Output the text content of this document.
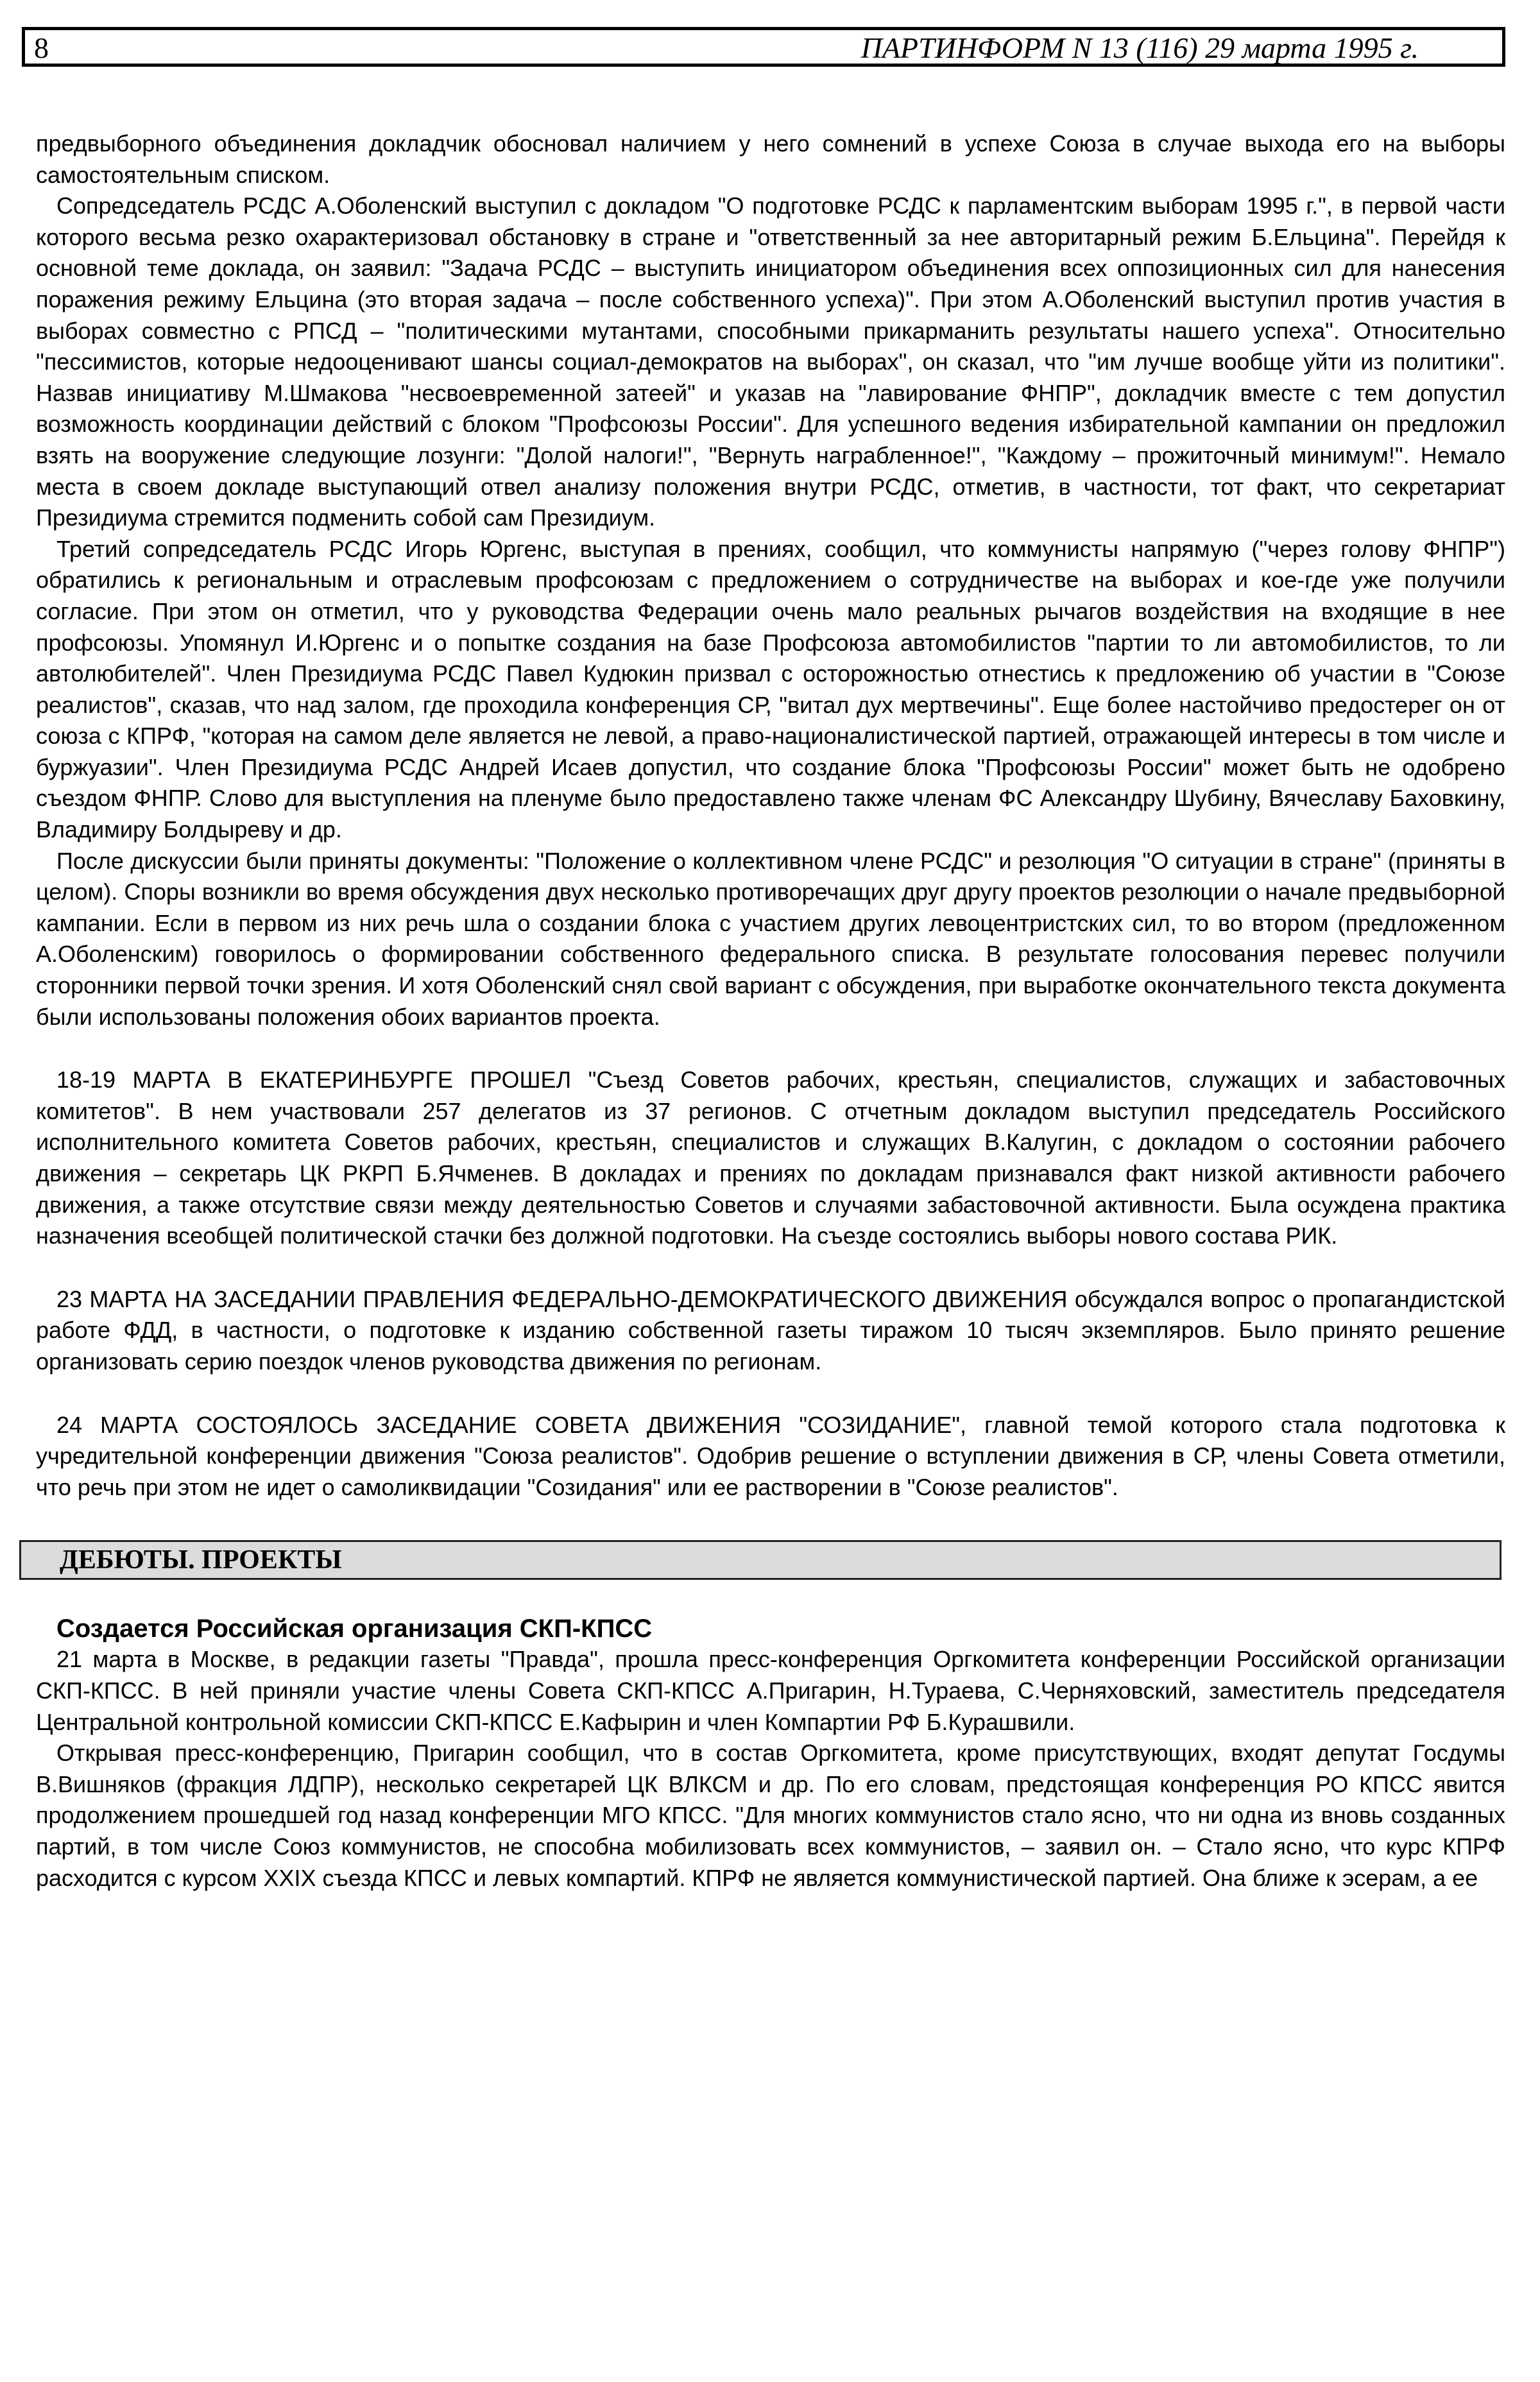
8	ПАРТИНФОРМ N 13 (116) 29 марта 1995 г.

предвыборного объединения докладчик обосновал наличием у него сомнений в успехе Союза в случае выхода его на выборы самостоятельным списком.

Сопредседатель РСДС А.Оболенский выступил с докладом "О подготовке РСДС к парламентским выборам 1995 г.", в первой части которого весьма резко охарактеризовал обстановку в стране и "ответственный за нее авторитарный режим Б.Ельцина". Перейдя к основной теме доклада, он заявил: "Задача РСДС – выступить инициатором объединения всех оппозиционных сил для нанесения поражения режиму Ельцина (это вторая задача – после собственного успеха)". При этом А.Оболенский выступил против участия в выборах совместно с РПСД – "политическими мутантами, способными прикарманить результаты нашего успеха". Относительно "пессимистов, которые недооценивают шансы социал-демократов на выборах", он сказал, что "им лучше вообще уйти из политики". Назвав инициативу М.Шмакова "несвоевременной затеей" и указав на "лавирование ФНПР", докладчик вместе с тем допустил возможность координации действий с блоком "Профсоюзы России". Для успешного ведения избирательной кампании он предложил взять на вооружение следующие лозунги: "Долой налоги!", "Вернуть награбленное!", "Каждому – прожиточный минимум!". Немало места в своем докладе выступающий отвел анализу положения внутри РСДС, отметив, в частности, тот факт, что секретариат Президиума стремится подменить собой сам Президиум.

Третий сопредседатель РСДС Игорь Юргенс, выступая в прениях, сообщил, что коммунисты напрямую ("через голову ФНПР") обратились к региональным и отраслевым профсоюзам с предложением о сотрудничестве на выборах и кое-где уже получили согласие. При этом он отметил, что у руководства Федерации очень мало реальных рычагов воздействия на входящие в нее профсоюзы. Упомянул И.Юргенс и о попытке создания на базе Профсоюза автомобилистов "партии то ли автомобилистов, то ли автолюбителей". Член Президиума РСДС Павел Кудюкин призвал с осторожностью отнестись к предложению об участии в "Союзе реалистов", сказав, что над залом, где проходила конференция СР, "витал дух мертвечины". Еще более настойчиво предостерег он от союза с КПРФ, "которая на самом деле является не левой, а право-националистической партией, отражающей интересы в том числе и буржуазии". Член Президиума РСДС Андрей Исаев допустил, что создание блока "Профсоюзы России" может быть не одобрено съездом ФНПР. Слово для выступления на пленуме было предоставлено также членам ФС Александру Шубину, Вячеславу Баховкину, Владимиру Болдыреву и др.

После дискуссии были приняты документы: "Положение о коллективном члене РСДС" и резолюция "О ситуации в стране" (приняты в целом). Споры возникли во время обсуждения двух несколько противоречащих друг другу проектов резолюции о начале предвыборной кампании. Если в первом из них речь шла о создании блока с участием других левоцентристских сил, то во втором (предложенном А.Оболенским) говорилось о формировании собственного федерального списка. В результате голосования перевес получили сторонники первой точки зрения. И хотя Оболенский снял свой вариант с обсуждения, при выработке окончательного текста документа были использованы положения обоих вариантов проекта.

18-19 МАРТА В ЕКАТЕРИНБУРГЕ ПРОШЕЛ "Съезд Советов рабочих, крестьян, специалистов, служащих и забастовочных комитетов". В нем участвовали 257 делегатов из 37 регионов. С отчетным докладом выступил председатель Российского исполнительного комитета Советов рабочих, крестьян, специалистов и служащих В.Калугин, с докладом о состоянии рабочего движения – секретарь ЦК РКРП Б.Ячменев. В докладах и прениях по докладам признавался факт низкой активности рабочего движения, а также отсутствие связи между деятельностью Советов и случаями забастовочной активности. Была осуждена практика назначения всеобщей политической стачки без должной подготовки. На съезде состоялись выборы нового состава РИК.

23 МАРТА НА ЗАСЕДАНИИ ПРАВЛЕНИЯ ФЕДЕРАЛЬНО-ДЕМОКРАТИЧЕСКОГО ДВИЖЕНИЯ обсуждался вопрос о пропагандистской работе ФДД, в частности, о подготовке к изданию собственной газеты тиражом 10 тысяч экземпляров. Было принято решение организовать серию поездок членов руководства движения по регионам.

24 МАРТА СОСТОЯЛОСЬ ЗАСЕДАНИЕ СОВЕТА ДВИЖЕНИЯ "СОЗИДАНИЕ", главной темой которого стала подготовка к учредительной конференции движения "Союза реалистов". Одобрив решение о вступлении движения в СР, члены Совета отметили, что речь при этом не идет о самоликвидации "Созидания" или ее растворении в "Союзе реалистов".

ДЕБЮТЫ. ПРОЕКТЫ
Создается Российская организация СКП-КПСС

21 марта в Москве, в редакции газеты "Правда", прошла пресс-конференция Оргкомитета конференции Российской организации СКП-КПСС. В ней приняли участие члены Совета СКП-КПСС А.Пригарин, Н.Тураева, С.Черняховский, заместитель председателя Центральной контрольной комиссии СКП-КПСС Е.Кафырин и член Компартии РФ Б.Курашвили.

Открывая пресс-конференцию, Пригарин сообщил, что в состав Оргкомитета, кроме присутствующих, входят депутат Госдумы В.Вишняков (фракция ЛДПР), несколько секретарей ЦК ВЛКСМ и др. По его словам, предстоящая конференция РО КПСС явится продолжением прошедшей год назад конференции МГО КПСС. "Для многих коммунистов стало ясно, что ни одна из вновь созданных партий, в том числе Союз коммунистов, не способна мобилизовать всех коммунистов, – заявил он. – Стало ясно, что курс КПРФ расходится с курсом XXIX съезда КПСС и левых компартий. КПРФ не является коммунистической партией. Она ближе к эсерам, а ее
